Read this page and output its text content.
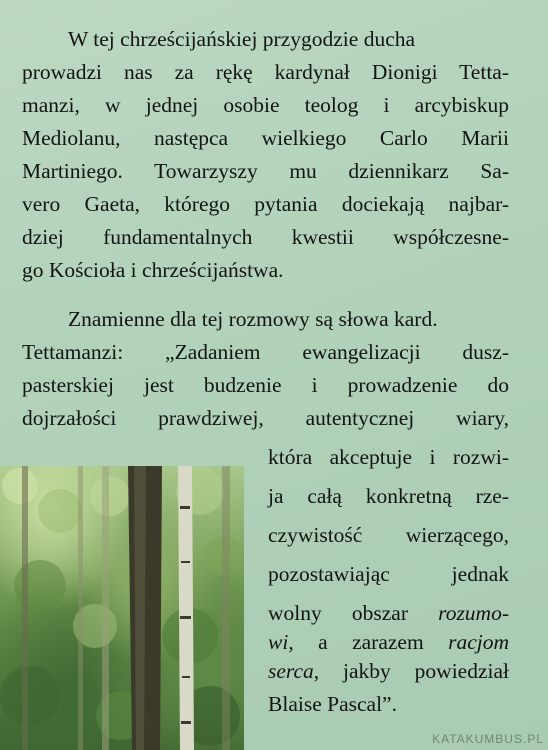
W tej chrześcijańskiej przygodzie ducha

prowadzi nas za rękę kardynał Dionigi Tetta-

manzi, w jednej osobie teolog i arcybiskup

Mediolanu, następca wielkiego Carlo Marii

Martiniego. Towarzyszy mu dziennikarz Sa-

vero Gaeta, którego pytania dociekają najbar-

dziej fundamentalnych kwestii współczesne-

go Kościoła i chrześcijaństwa.

Znamienne dla tej rozmowy są słowa kard.

Tettamanzi: „Zadaniem ewangelizacji dusz-

pasterskiej jest budzenie i prowadzenie do

dojrzałości prawdziwej, autentycznej wiary,

która akceptuje i rozwi-

ja całą konkretną rze-

czywistość wierzącego,

pozostawiając jednak

wolny obszar rozumo-

wi, a zarazem racjom

serca, jakby powiedział

Blaise Pascal”.

KATAKUMBUS.PL
